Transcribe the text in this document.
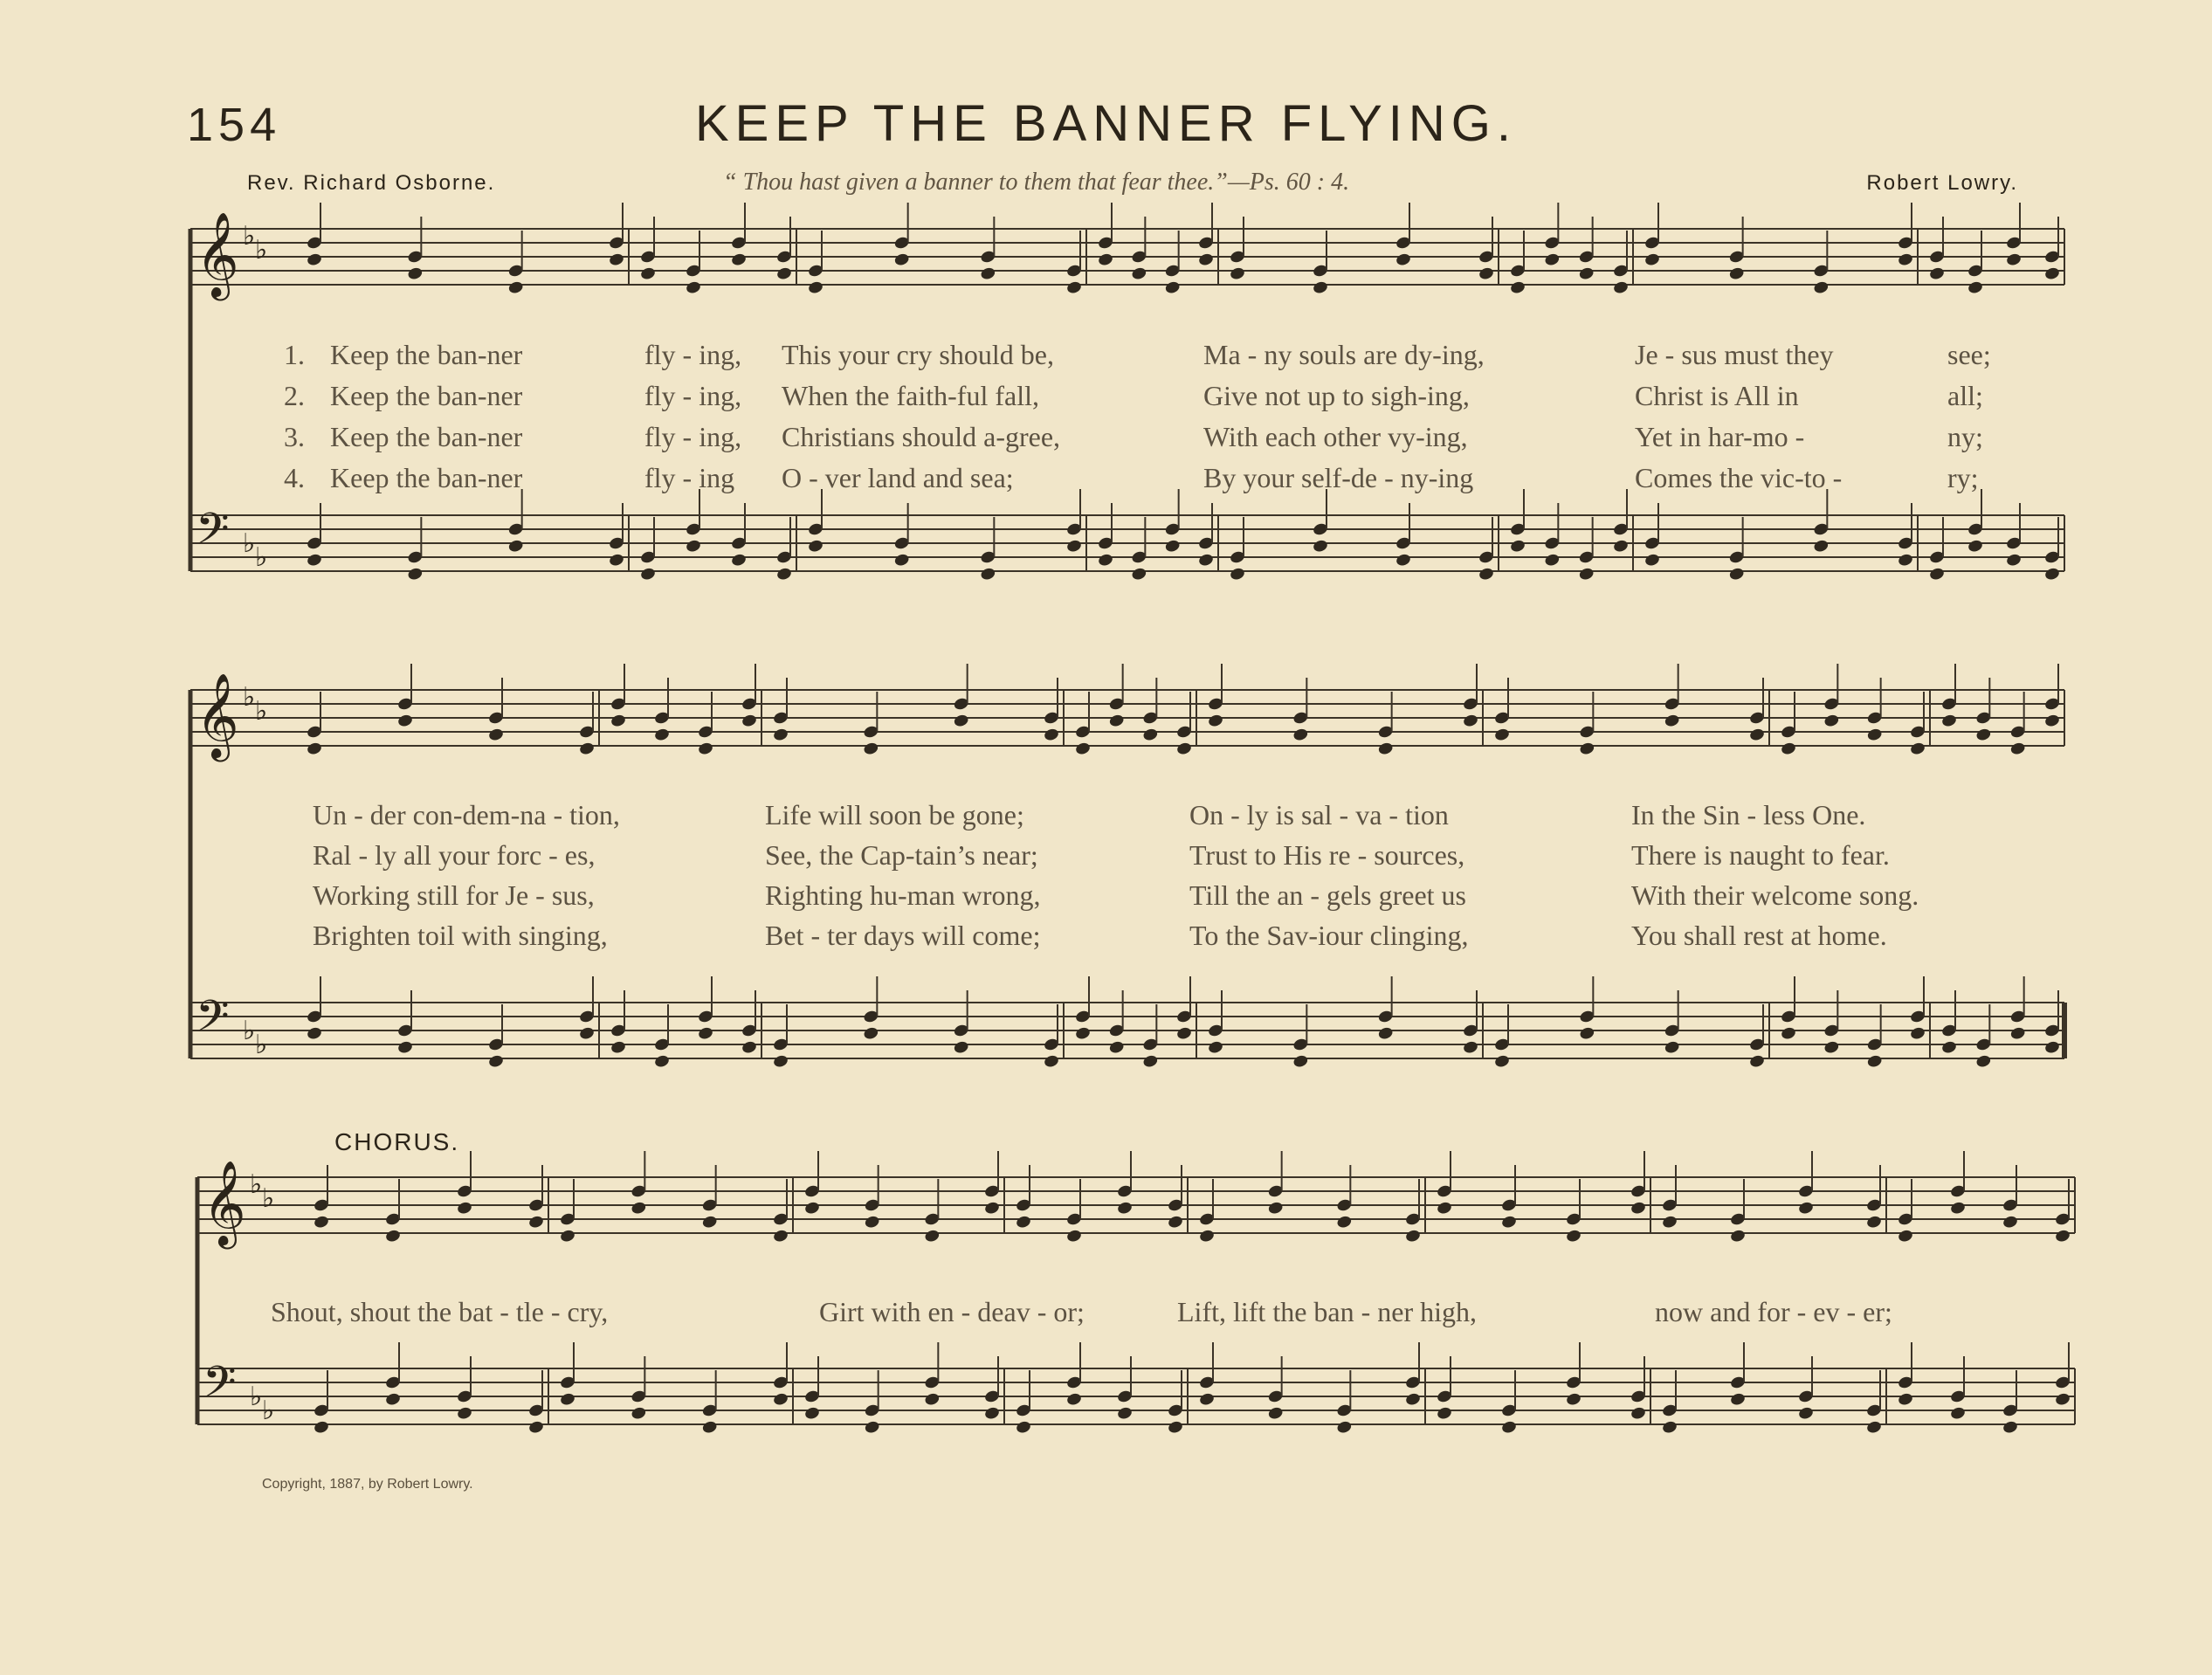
154	KEEP THE BANNER FLYING.
Rev. Richard Osborne.	“ Thou hast given a banner to them that fear thee.”—Ps. 60 : 4.	Robert Lowry.
𝄞 ♭ ♭
𝄢 ♭ ♭
𝄞 ♭ ♭
𝄢 ♭ ♭
𝄞 ♭ ♭
𝄢 ♭ ♭
1. Keep the ban-ner	fly - ing, This your cry should be,	Ma - ny souls are dy-ing,	Je - sus must they	see;
2. Keep the ban-ner	fly - ing, When the faith-ful fall,	Give not up to sigh-ing,	Christ is All in	all;
3. Keep the ban-ner	fly - ing, Christians should a-gree,	With each other vy-ing,	Yet in har-mo -	ny;
4. Keep the ban-ner	fly - ing O - ver land and sea;	By your self-de - ny-ing	Comes the vic-to -	ry;
Un - der con-dem-na - tion,	Life will soon be gone;	On - ly is sal - va - tion	In the Sin - less One.
Ral - ly all your forc - es,	See, the Cap-tain’s near;	Trust to His re - sources,	There is naught to fear.
Working still for Je - sus,	Righting hu-man wrong,	Till the an - gels greet us	With their welcome song.
Brighten toil with singing,	Bet - ter days will come;	To the Sav-iour clinging,	You shall rest at home.
CHORUS.
Shout, shout the bat - tle - cry,	Girt with en - deav - or;	Lift, lift the ban - ner high,	now and for - ev - er;
Copyright, 1887, by Robert Lowry.
